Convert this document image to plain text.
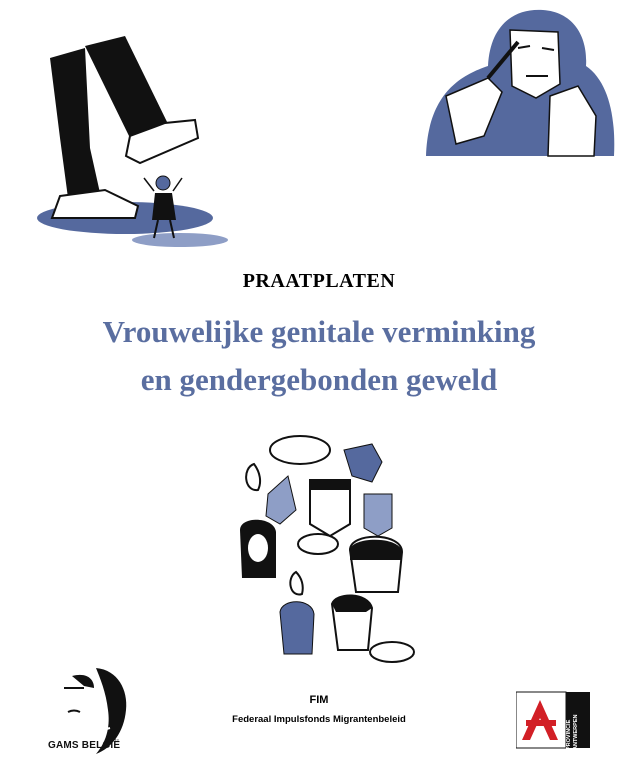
PRAATPLATEN
Vrouwelijke genitale verminking
en gendergebonden geweld
GAMS BELGIË
FIM
Federaal Impulsfonds Migrantenbeleid
PROVINCIE ANTWERPEN
